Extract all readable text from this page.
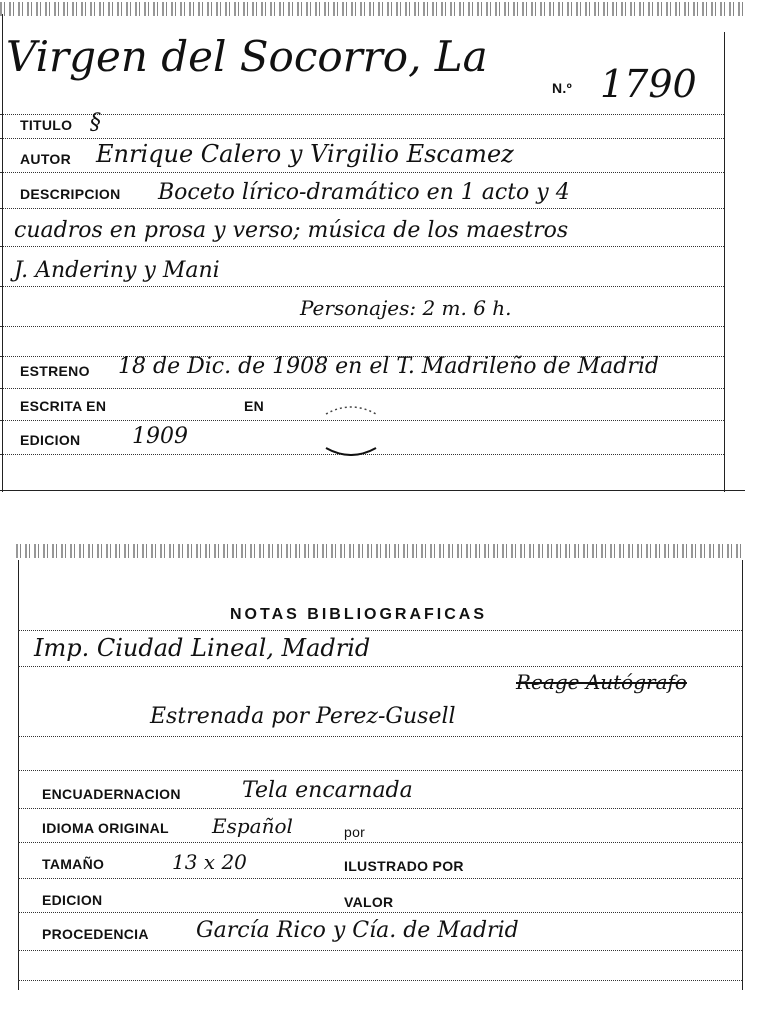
Virgen del Socorro, La
N.º 1790
TITULO §
AUTOR Enrique Calero y Virgilio Escamez
DESCRIPCION Boceto lírico-dramático en 1 acto y 4
cuadros en prosa y verso; música de los maestros
J. Anderiny y Mani
Personajes: 2 m. 6 h.
ESTRENO 18 de Dic. de 1908 en el T. Madrileño de Madrid
ESCRITA EN	EN
EDICION 1909
NOTAS BIBLIOGRAFICAS
Imp. Ciudad Lineal, Madrid
Reage Autógrafo
Estrenada por Perez-Gusell
ENCUADERNACION	Tela encarnada
IDIOMA ORIGINAL Español	por
TAMAÑO	13 x 20	ILUSTRADO POR
EDICION	VALOR
PROCEDENCIA García Rico y Cía. de Madrid
